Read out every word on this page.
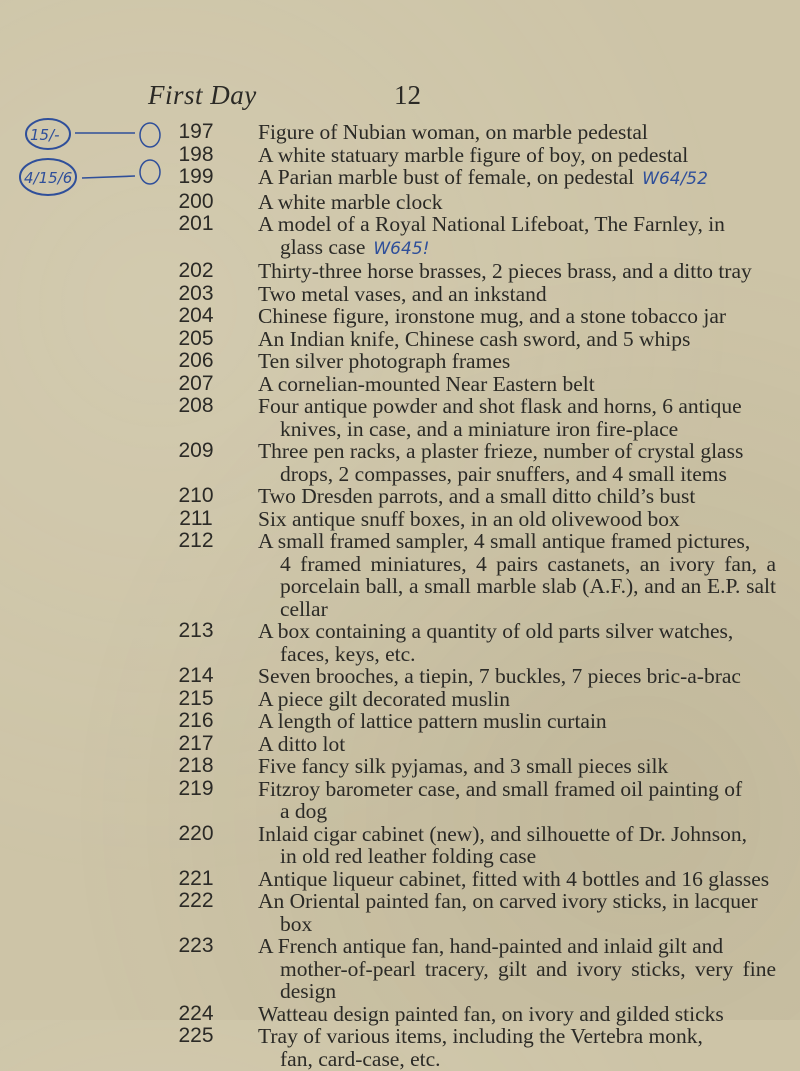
First Day	12
15/-
4/15/6
197	Figure of Nubian woman, on marble pedestal
198	A white statuary marble figure of boy, on pedestal
199	A Parian marble bust of female, on pedestal W64/52
200	A white marble clock
201	A model of a Royal National Lifeboat, The Farnley, in
glass case W645!
202	Thirty-three horse brasses, 2 pieces brass, and a ditto tray
203	Two metal vases, and an inkstand
204	Chinese figure, ironstone mug, and a stone tobacco jar
205	An Indian knife, Chinese cash sword, and 5 whips
206	Ten silver photograph frames
207	A cornelian-mounted Near Eastern belt
208	Four antique powder and shot flask and horns, 6 antique
knives, in case, and a miniature iron fire-place
209	Three pen racks, a plaster frieze, number of crystal glass
drops, 2 compasses, pair snuffers, and 4 small items
210	Two Dresden parrots, and a small ditto child’s bust
211	Six antique snuff boxes, in an old olivewood box
212	A small framed sampler, 4 small antique framed pictures,
4 framed miniatures, 4 pairs castanets, an ivory fan, a porcelain ball, a small marble slab (A.F.), and an E.P. salt cellar
213	A box containing a quantity of old parts silver watches,
faces, keys, etc.
214	Seven brooches, a tiepin, 7 buckles, 7 pieces bric-a-brac
215	A piece gilt decorated muslin
216	A length of lattice pattern muslin curtain
217	A ditto lot
218	Five fancy silk pyjamas, and 3 small pieces silk
219	Fitzroy barometer case, and small framed oil painting of
a dog
220	Inlaid cigar cabinet (new), and silhouette of Dr. Johnson,
in old red leather folding case
221	Antique liqueur cabinet, fitted with 4 bottles and 16 glasses
222	An Oriental painted fan, on carved ivory sticks, in lacquer
box
223	A French antique fan, hand-painted and inlaid gilt and
mother-of-pearl tracery, gilt and ivory sticks, very fine design
224	Watteau design painted fan, on ivory and gilded sticks
225	Tray of various items, including the Vertebra monk,
fan, card-case, etc.
